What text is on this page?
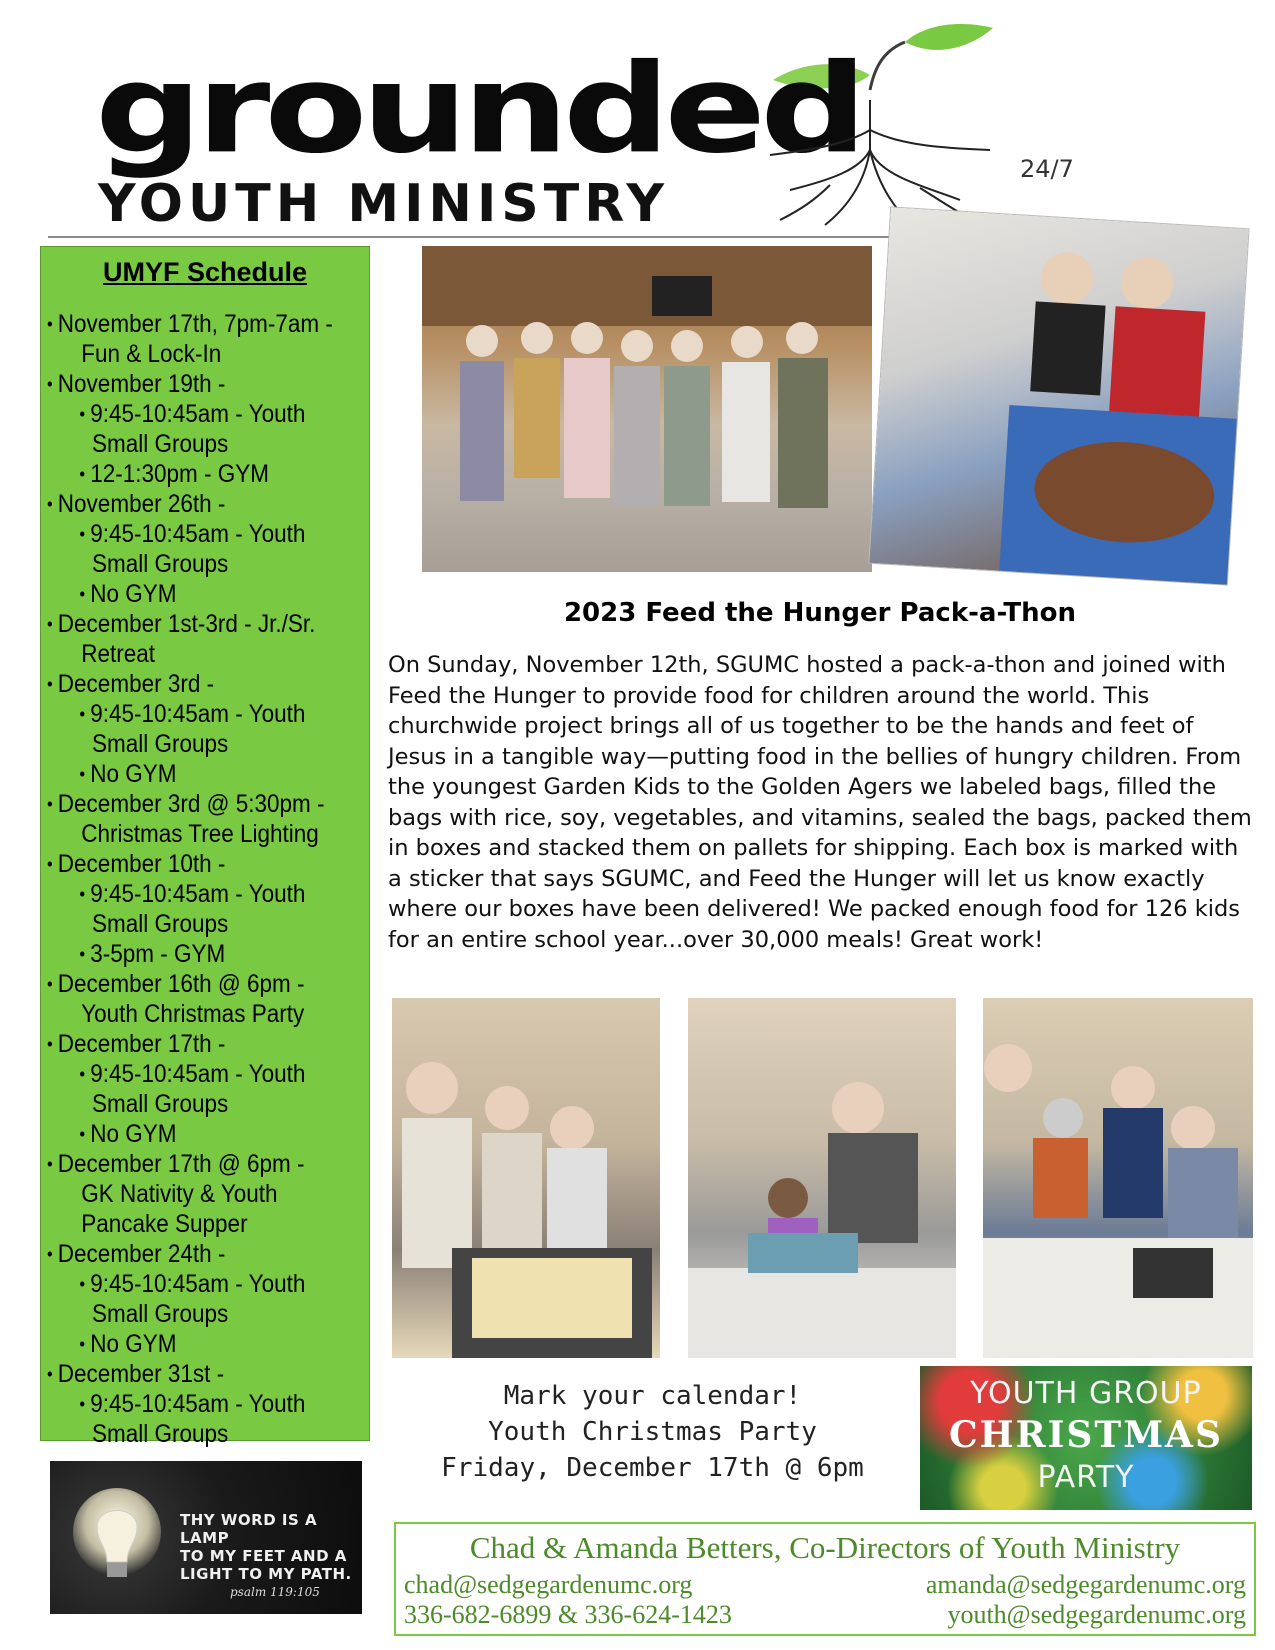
grounded
YOUTH MINISTRY
24/7
UMYF Schedule
• November 17th, 7pm-7am -
Fun & Lock-In
• November 19th -
• 9:45-10:45am - Youth
Small Groups
• 12-1:30pm - GYM
• November 26th -
• 9:45-10:45am - Youth
Small Groups
• No GYM
• December 1st-3rd - Jr./Sr.
Retreat
• December 3rd -
• 9:45-10:45am - Youth
Small Groups
• No GYM
• December 3rd @ 5:30pm -
Christmas Tree Lighting
• December 10th -
• 9:45-10:45am - Youth
Small Groups
• 3-5pm - GYM
• December 16th @ 6pm -
Youth Christmas Party
• December 17th -
• 9:45-10:45am - Youth
Small Groups
• No GYM
• December 17th @ 6pm -
GK Nativity & Youth
Pancake Supper
• December 24th -
• 9:45-10:45am - Youth
Small Groups
• No GYM
• December 31st -
• 9:45-10:45am - Youth
Small Groups
THY WORD IS A LAMP
TO MY FEET AND A
LIGHT TO MY PATH.
psalm 119:105
2023 Feed the Hunger Pack-a-Thon
On Sunday, November 12th, SGUMC hosted a pack-a-thon and joined with Feed the Hunger to provide food for children around the world. This churchwide project brings all of us together to be the hands and feet of Jesus in a tangible way—putting food in the bellies of hungry children. From the youngest Garden Kids to the Golden Agers we labeled bags, filled the bags with rice, soy, vegetables, and vitamins, sealed the bags, packed them in boxes and stacked them on pallets for shipping. Each box is marked with a sticker that says SGUMC, and Feed the Hunger will let us know exactly where our boxes have been delivered! We packed enough food for 126 kids for an entire school year...over 30,000 meals! Great work!
Mark your calendar!
Youth Christmas Party
Friday, December 17th @ 6pm
YOUTH GROUP
CHRISTMAS
PARTY
Chad & Amanda Betters, Co-Directors of Youth Ministry
chad@sedgegardenumc.org	amanda@sedgegardenumc.org
336-682-6899 & 336-624-1423	youth@sedgegardenumc.org
